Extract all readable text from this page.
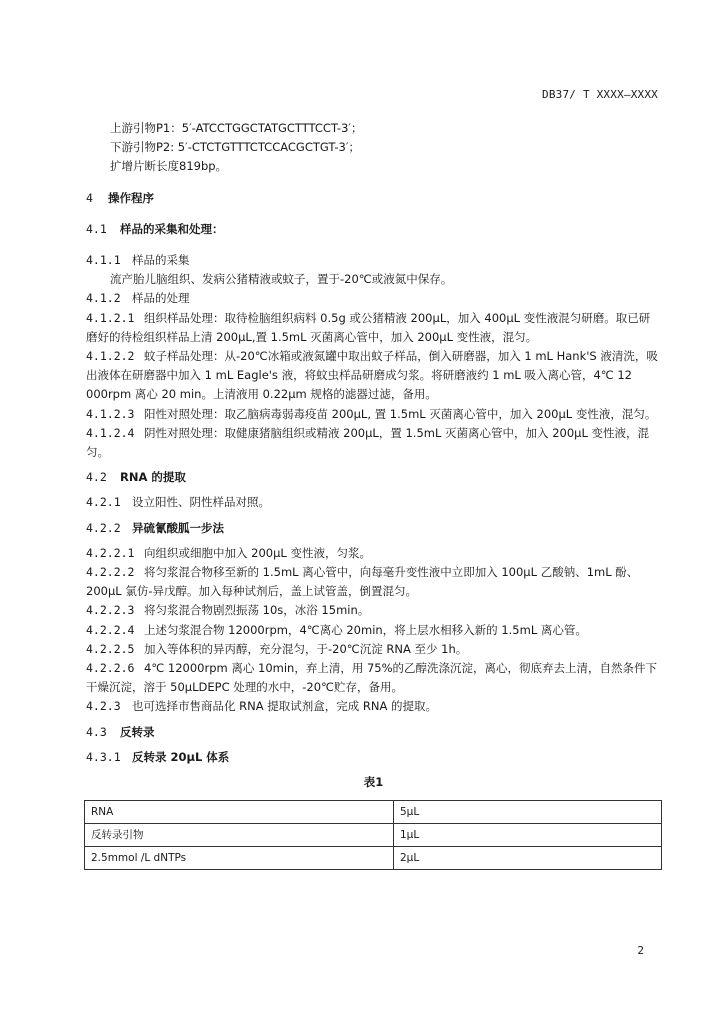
DB37/ T XXXX—XXXX

上游引物P1：5′-ATCCTGGCTATGCTTTCCT-3′；

下游引物P2: 5′-CTCTGTTTCTCCACGCTGT-3′；

扩增片断长度819bp。

4 操作程序

4.1 样品的采集和处理：

4.1.1 样品的采集

流产胎儿脑组织、发病公猪精液或蚊子，置于-20℃或液氮中保存。

4.1.2 样品的处理

4.1.2.1 组织样品处理：取待检脑组织病料 0.5g 或公猪精液 200μL，加入 400μL 变性液混匀研磨。取已研磨好的待检组织样品上清 200μL,置 1.5mL 灭菌离心管中，加入 200μL 变性液，混匀。

4.1.2.2 蚊子样品处理：从-20℃冰箱或液氮罐中取出蚊子样品，倒入研磨器，加入 1 mL Hank'S 液清洗，吸出液体在研磨器中加入 1 mL Eagle's 液，将蚊虫样品研磨成匀浆。将研磨液约 1 mL 吸入离心管，4℃ 12 000rpm 离心 20 min。上清液用 0.22μm 规格的滤器过滤，备用。

4.1.2.3 阳性对照处理：取乙脑病毒弱毒疫苗 200μL, 置 1.5mL 灭菌离心管中，加入 200μL 变性液，混匀。

4.1.2.4 阴性对照处理：取健康猪脑组织或精液 200μL，置 1.5mL 灭菌离心管中，加入 200μL 变性液，混匀。

4.2 RNA 的提取

4.2.1 设立阳性、阴性样品对照。

4.2.2 异硫氰酸胍一步法

4.2.2.1 向组织或细胞中加入 200μL 变性液，匀浆。

4.2.2.2 将匀浆混合物移至新的 1.5mL 离心管中，向每毫升变性液中立即加入 100μL 乙酸钠、1mL 酚、200μL 氯仿-异戊醇。加入每种试剂后，盖上试管盖，倒置混匀。

4.2.2.3 将匀浆混合物剧烈振荡 10s，冰浴 15min。

4.2.2.4 上述匀浆混合物 12000rpm，4℃离心 20min，将上层水相移入新的 1.5mL 离心管。

4.2.2.5 加入等体积的异丙醇，充分混匀，于-20℃沉淀 RNA 至少 1h。

4.2.2.6 4℃ 12000rpm 离心 10min，弃上清，用 75%的乙醇洗涤沉淀，离心，彻底弃去上清，自然条件下干燥沉淀，溶于 50μLDEPC 处理的水中，-20℃贮存，备用。

4.2.3 也可选择市售商品化 RNA 提取试剂盒，完成 RNA 的提取。

4.3 反转录

4.3.1 反转录 20μL 体系

表1

RNA	5μL
反转录引物	1μL
2.5mmol /L dNTPs	2μL
2
